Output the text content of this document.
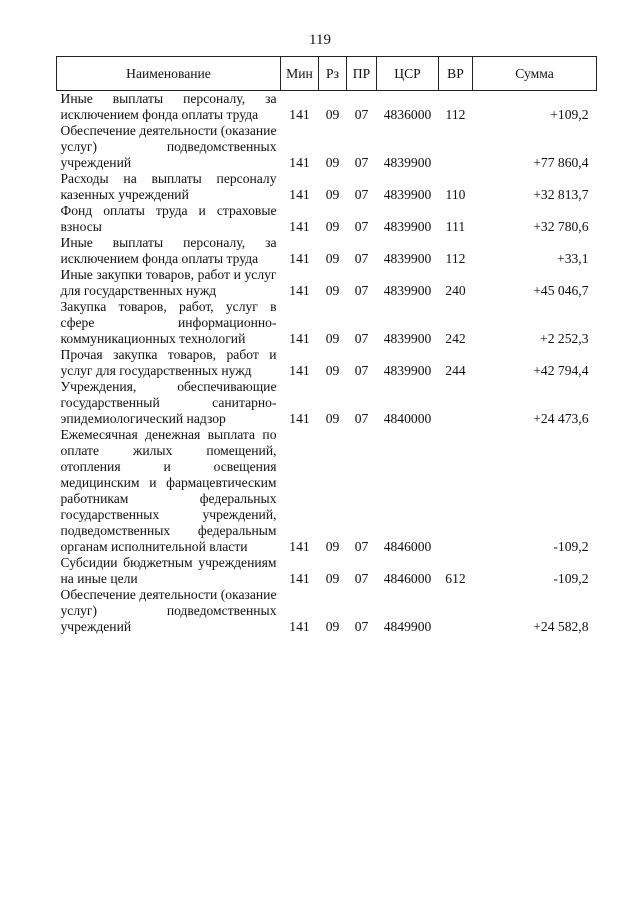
119
Наименование	Мин	Рз	ПР	ЦСР	ВР	Сумма
Иные выплаты персоналу, за исключением фонда оплаты труда	141	09	07	4836000	112	+109,2
Обеспечение деятельности (оказание услуг) подведомственных учреждений	141	09	07	4839900		+77 860,4
Расходы на выплаты персоналу казенных учреждений	141	09	07	4839900	110	+32 813,7
Фонд оплаты труда и страховые взносы	141	09	07	4839900	111	+32 780,6
Иные выплаты персоналу, за исключением фонда оплаты труда	141	09	07	4839900	112	+33,1
Иные закупки товаров, работ и услуг для государственных нужд	141	09	07	4839900	240	+45 046,7
Закупка товаров, работ, услуг в сфере информационно-коммуникационных технологий	141	09	07	4839900	242	+2 252,3
Прочая закупка товаров, работ и услуг для государственных нужд	141	09	07	4839900	244	+42 794,4
Учреждения, обеспечивающие государственный санитарно-эпидемиологический надзор	141	09	07	4840000		+24 473,6
Ежемесячная денежная выплата по оплате жилых помещений, отопления и освещения медицинским и фармацевтическим работникам федеральных государственных учреждений, подведомственных федеральным органам исполнительной власти	141	09	07	4846000		-109,2
Субсидии бюджетным учреждениям на иные цели	141	09	07	4846000	612	-109,2
Обеспечение деятельности (оказание услуг) подведомственных учреждений	141	09	07	4849900		+24 582,8
